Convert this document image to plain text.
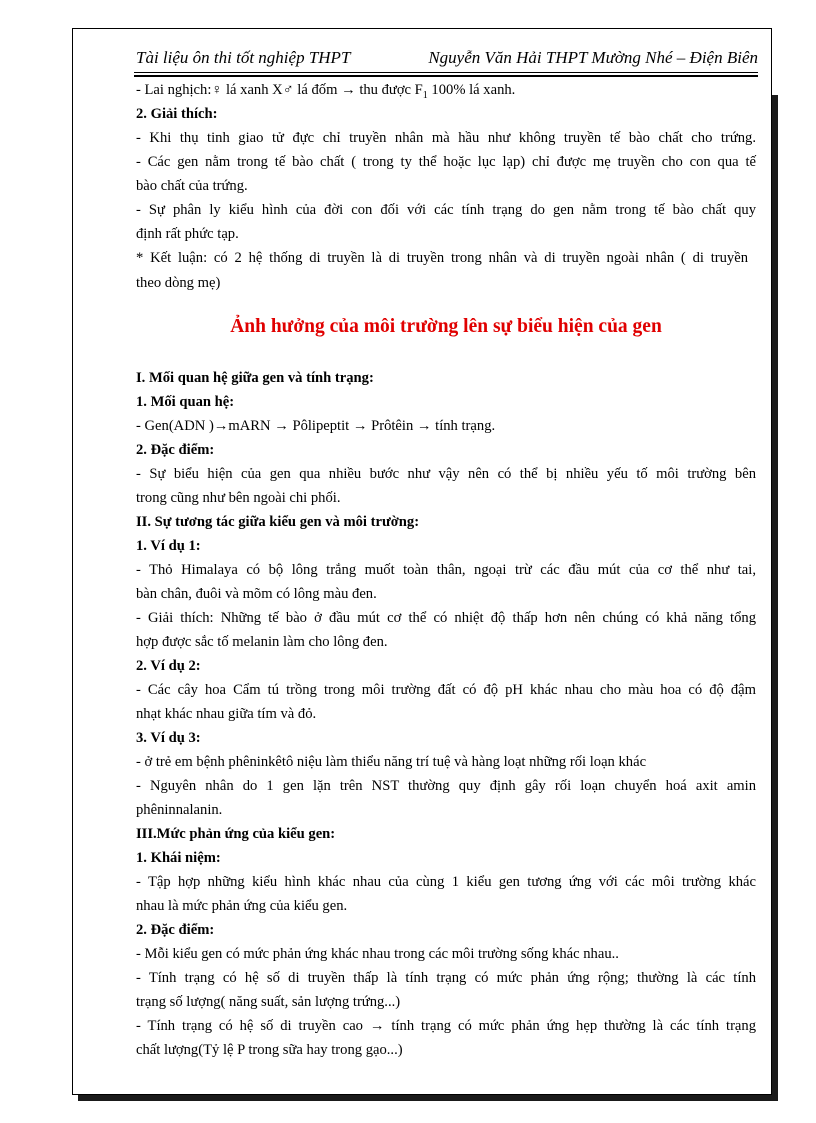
Tài liệu ôn thi tốt nghiệp THPT	Nguyễn Văn Hải THPT Mường Nhé – Điện Biên
- Lai nghịch:♀ lá xanh X♂ lá đốm → thu được $F_1$ 100% lá xanh.
2. Giải thích:
- Khi thụ tinh giao tử đực chỉ truyền nhân mà hầu như không truyền tế bào chất cho trứng.
- Các gen nằm trong tế bào chất ( trong ty thể hoặc lục lạp) chỉ được mẹ truyền cho con qua tế
bào chất của trứng.
- Sự phân ly kiểu hình của đời con đối với các tính trạng do gen nằm trong tế bào chất quy
định rất phức tạp.
* Kết luận: có 2 hệ thống di truyền là di truyền trong nhân và di truyền ngoài nhân ( di truyền
theo dòng mẹ)
Ảnh hưởng của môi trường lên sự biểu hiện của gen
I. Mối quan hệ giữa gen và tính trạng:
1. Mối quan hệ:
- Gen(ADN )→mARN → Pôlipeptit → Prôtêin → tính trạng.
2. Đặc điểm:
- Sự biểu hiện của gen qua nhiều bước như vậy nên có thể bị nhiều yếu tố môi trường bên
trong cũng như bên ngoài chi phối.
II. Sự tương tác giữa kiểu gen và môi trường:
1. Ví dụ 1:
- Thỏ Himalaya có bộ lông trắng muốt toàn thân, ngoại trừ các đầu mút của cơ thể như tai,
bàn chân, đuôi và mõm có lông màu đen.
- Giải thích: Những tế bào ở đầu mút cơ thể có nhiệt độ thấp hơn nên chúng có khả năng tổng
hợp được sắc tố melanin làm cho lông đen.
2. Ví dụ 2:
- Các cây hoa Cẩm tú trồng trong môi trường đất có độ pH khác nhau cho màu hoa có độ đậm
nhạt khác nhau giữa tím và đỏ.
3. Ví dụ 3:
- ở trẻ em bệnh phêninkêtô niệu làm thiểu năng trí tuệ và hàng loạt những rối loạn khác
- Nguyên nhân do 1 gen lặn trên NST thường quy định gây rối loạn chuyển hoá axit amin
phêninnalanin.
III.Mức phản ứng của kiểu gen:
1. Khái niệm:
- Tập hợp những kiểu hình khác nhau của cùng 1 kiểu gen tương ứng với các môi trường khác
nhau là mức phản ứng của kiểu gen.
2. Đặc điểm:
- Mỗi kiểu gen có mức phản ứng khác nhau trong các môi trường sống khác nhau..
- Tính trạng có hệ số di truyền thấp là tính trạng có mức phản ứng rộng; thường là các tính
trạng số lượng( năng suất, sản lượng trứng...)
- Tính trạng có hệ số di truyền cao → tính trạng có mức phản ứng hẹp thường là các tính trạng
chất lượng(Tỷ lệ P trong sữa hay trong gạo...)
